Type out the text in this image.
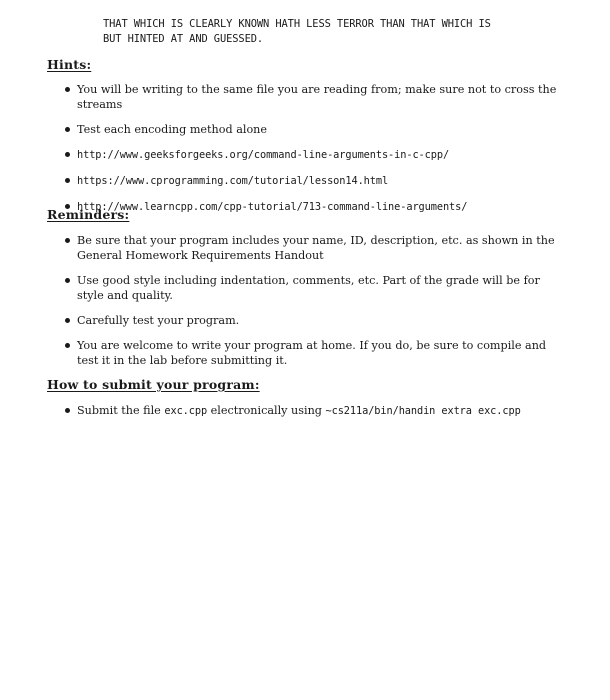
THAT WHICH IS CLEARLY KNOWN HATH LESS TERROR THAN THAT WHICH IS
BUT HINTED AT AND GUESSED.
Hints:
You will be writing to the same file you are reading from; make sure not to cross the streams
Test each encoding method alone
http://www.geeksforgeeks.org/command-line-arguments-in-c-cpp/
https://www.cprogramming.com/tutorial/lesson14.html
http://www.learncpp.com/cpp-tutorial/713-command-line-arguments/
Reminders:
Be sure that your program includes your name, ID, description, etc. as shown in the General Homework Requirements Handout
Use good style including indentation, comments, etc. Part of the grade will be for style and quality.
Carefully test your program.
You are welcome to write your program at home. If you do, be sure to compile and test it in the lab before submitting it.
How to submit your program:
Submit the file exc.cpp electronically using ~cs211a/bin/handin extra exc.cpp
